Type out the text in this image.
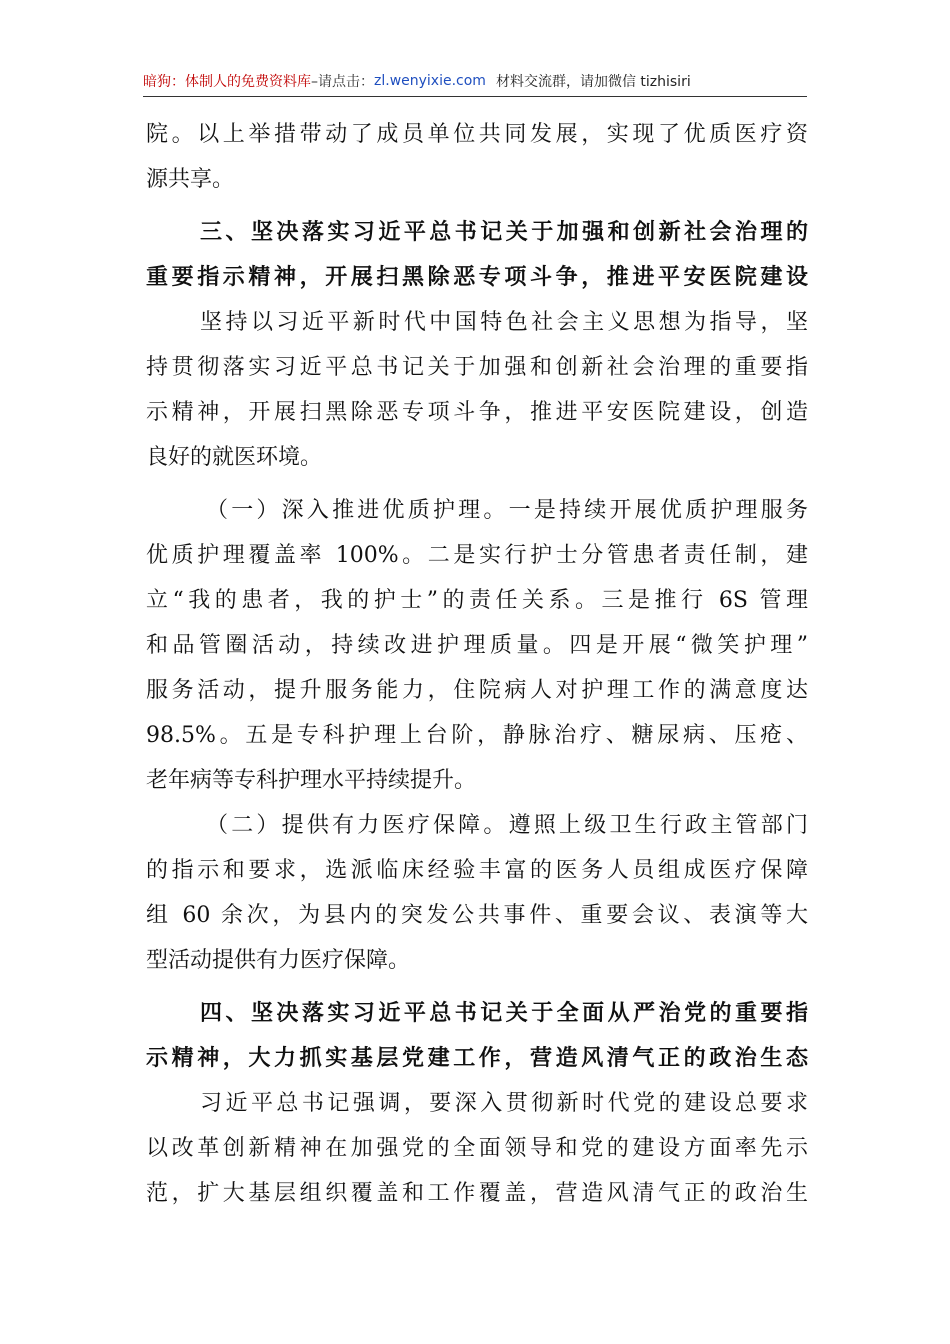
暗狗：体制人的免费资料库 –请点击： zl.wenyixie.com 材料交流群，请加微信 tizhisiri
院。以上举措带动了成员单位共同发展，实现了优质医疗资
源共享。
三、坚决落实习近平总书记关于加强和创新社会治理的
重要指示精神，开展扫黑除恶专项斗争，推进平安医院建设
坚持以习近平新时代中国特色社会主义思想为指导，坚
持贯彻落实习近平总书记关于加强和创新社会治理的重要指
示精神，开展扫黑除恶专项斗争，推进平安医院建设，创造
良好的就医环境。
（一）深入推进优质护理。一是持续开展优质护理服务
优质护理覆盖率 100%。二是实行护士分管患者责任制，建
立“我的患者，我的护士”的责任关系。三是推行 6S 管理
和品管圈活动，持续改进护理质量。四是开展“微笑护理”
服务活动，提升服务能力，住院病人对护理工作的满意度达
98.5%。五是专科护理上台阶，静脉治疗、糖尿病、压疮、
老年病等专科护理水平持续提升。
（二）提供有力医疗保障。遵照上级卫生行政主管部门
的指示和要求，选派临床经验丰富的医务人员组成医疗保障
组 60 余次，为县内的突发公共事件、重要会议、表演等大
型活动提供有力医疗保障。
四、坚决落实习近平总书记关于全面从严治党的重要指
示精神，大力抓实基层党建工作，营造风清气正的政治生态
习近平总书记强调，要深入贯彻新时代党的建设总要求
以改革创新精神在加强党的全面领导和党的建设方面率先示
范，扩大基层组织覆盖和工作覆盖，营造风清气正的政治生
